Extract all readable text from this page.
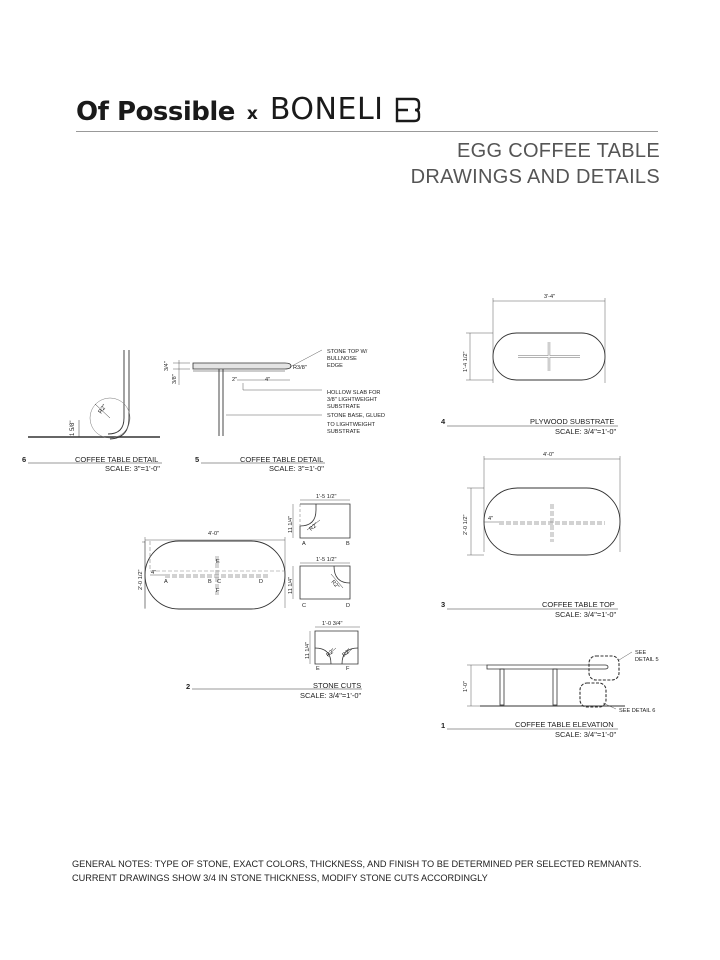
Of Possible x BONELI
EGG COFFEE TABLE
DRAWINGS AND DETAILS
R2"
1 5/8"
STONE TOP W/
BULLNOSE
EDGE
HOLLOW SLAB FOR
3/8" LIGHTWEIGHT
SUBSTRATE
STONE BASE, GLUED
TO LIGHTWEIGHT
SUBSTRATE
R3/8"
3/4"
3/8"	2"	4"
6	COFFEE TABLE DETAIL
SCALE: 3"=1'-0"
5	COFFEE TABLE DETAIL
SCALE: 3"=1'-0"
3'-4"
1'-4 1/2"
4	PLYWOOD SUBSTRATE
SCALE: 3/4"=1'-0"
4'-0"
2'-0 1/2"	4"
3	COFFEE TABLE TOP
SCALE: 3/4"=1'-0"
4'-0"
2'-0 1/2" 4"
E
A	B C	D
F
1'-5 1/2"
11 1/4"	R2"
A	B
1'-5 1/2"
11 1/4"	R2"
C	D
1'-0 3/4"
11 1/4"	R2" R2"
E	F
2	STONE CUTS
SCALE: 3/4"=1'-0"
1'-0"
SEE
DETAIL 5
SEE DETAIL 6
1	COFFEE TABLE ELEVATION
SCALE: 3/4"=1'-0"
GENERAL NOTES: TYPE OF STONE, EXACT COLORS, THICKNESS, AND FINISH TO BE DETERMINED PER SELECTED REMNANTS.
CURRENT DRAWINGS SHOW 3/4 IN STONE THICKNESS, MODIFY STONE CUTS ACCORDINGLY
